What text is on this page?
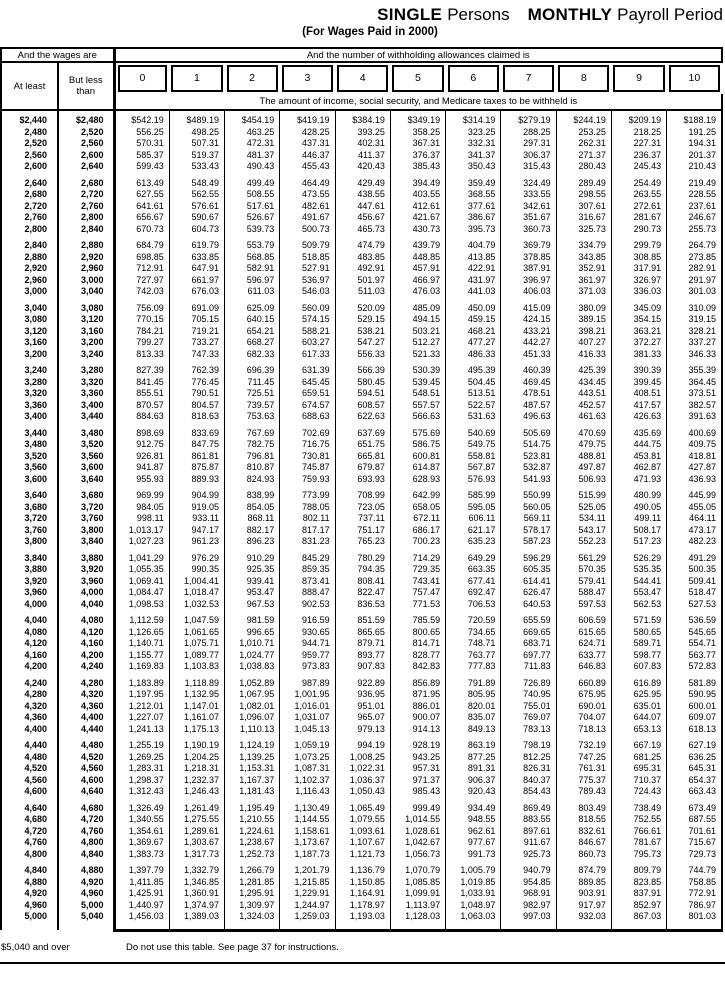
SINGLE Persons MONTHLY Payroll Period
(For Wages Paid in 2000)
And the wages are		And the number of withholding allowances claimed is										
At least	But less
than	0	1	2	3	4	5	6	7	8	9	10

		The amount of income, social security, and Medicare taxes to be withheld is										

$2,440	$2,480	$542.19	$489.19	$454.19	$419.19	$384.19	$349.19	$314.19	$279.19	$244.19	$209.19	$188.19
2,480	2,520	556.25	498.25	463.25	428.25	393.25	358.25	323.25	288.25	253.25	218.25	191.25
2,520	2,560	570.31	507.31	472.31	437.31	402.31	367.31	332.31	297.31	262.31	227.31	194.31
2,560	2,600	585.37	519.37	481.37	446.37	411.37	376.37	341.37	306.37	271.37	236.37	201.37
2,600	2,640	599.43	533.43	490.43	455.43	420.43	385.43	350.43	315.43	280.43	245.43	210.43

2,640	2,680	613.49	548.49	499.49	464.49	429.49	394.49	359.49	324.49	289.49	254.49	219.49
2,680	2,720	627.55	562.55	508.55	473.55	438.55	403.55	368.55	333.55	298.55	263.55	228.55
2,720	2,760	641.61	576.61	517.61	482.61	447.61	412.61	377.61	342.61	307.61	272.61	237.61
2,760	2,800	656.67	590.67	526.67	491.67	456.67	421.67	386.67	351.67	316.67	281.67	246.67
2,800	2,840	670.73	604.73	539.73	500.73	465.73	430.73	395.73	360.73	325.73	290.73	255.73

2,840	2,880	684.79	619.79	553.79	509.79	474.79	439.79	404.79	369.79	334.79	299.79	264.79
2,880	2,920	698.85	633.85	568.85	518.85	483.85	448.85	413.85	378.85	343.85	308.85	273.85
2,920	2,960	712.91	647.91	582.91	527.91	492.91	457.91	422.91	387.91	352.91	317.91	282.91
2,960	3,000	727.97	661.97	596.97	536.97	501.97	466.97	431.97	396.97	361.97	326.97	291.97
3,000	3,040	742.03	676.03	611.03	546.03	511.03	476.03	441.03	406.03	371.03	336.03	301.03

3,040	3,080	756.09	691.09	625.09	560.09	520.09	485.09	450.09	415.09	380.09	345.09	310.09
3,080	3,120	770.15	705.15	640.15	574.15	529.15	494.15	459.15	424.15	389.15	354.15	319.15
3,120	3,160	784.21	719.21	654.21	588.21	538.21	503.21	468.21	433.21	398.21	363.21	328.21
3,160	3,200	799.27	733.27	668.27	603.27	547.27	512.27	477.27	442.27	407.27	372.27	337.27
3,200	3,240	813.33	747.33	682.33	617.33	556.33	521.33	486.33	451.33	416.33	381.33	346.33

3,240	3,280	827.39	762.39	696.39	631.39	566.39	530.39	495.39	460.39	425.39	390.39	355.39
3,280	3,320	841.45	776.45	711.45	645.45	580.45	539.45	504.45	469.45	434.45	399.45	364.45
3,320	3,360	855.51	790.51	725.51	659.51	594.51	548.51	513.51	478.51	443.51	408.51	373.51
3,360	3,400	870.57	804.57	739.57	674.57	608.57	557.57	522.57	487.57	452.57	417.57	382.57
3,400	3,440	884.63	818.63	753.63	688.63	622.63	566.63	531.63	496.63	461.63	426.63	391.63

3,440	3,480	898.69	833.69	767.69	702.69	637.69	575.69	540.69	505.69	470.69	435.69	400.69
3,480	3,520	912.75	847.75	782.75	716.75	651.75	586.75	549.75	514.75	479.75	444.75	409.75
3,520	3,560	926.81	861.81	796.81	730.81	665.81	600.81	558.81	523.81	488.81	453.81	418.81
3,560	3,600	941.87	875.87	810.87	745.87	679.87	614.87	567.87	532.87	497.87	462.87	427.87
3,600	3,640	955.93	889.93	824.93	759.93	693.93	628.93	576.93	541.93	506.93	471.93	436.93

3,640	3,680	969.99	904.99	838.99	773.99	708.99	642.99	585.99	550.99	515.99	480.99	445.99
3,680	3,720	984.05	919.05	854.05	788.05	723.05	658.05	595.05	560.05	525.05	490.05	455.05
3,720	3,760	998.11	933.11	868.11	802.11	737.11	672.11	606.11	569.11	534.11	499.11	464.11
3,760	3,800	1,013.17	947.17	882.17	817.17	751.17	686.17	621.17	578.17	543.17	508.17	473.17
3,800	3,840	1,027.23	961.23	896.23	831.23	765.23	700.23	635.23	587.23	552.23	517.23	482.23

3,840	3,880	1,041.29	976.29	910.29	845.29	780.29	714.29	649.29	596.29	561.29	526.29	491.29
3,880	3,920	1,055.35	990.35	925.35	859.35	794.35	729.35	663.35	605.35	570.35	535.35	500.35
3,920	3,960	1,069.41	1,004.41	939.41	873.41	808.41	743.41	677.41	614.41	579.41	544.41	509.41
3,960	4,000	1,084.47	1,018.47	953.47	888.47	822.47	757.47	692.47	626.47	588.47	553.47	518.47
4,000	4,040	1,098.53	1,032.53	967.53	902.53	836.53	771.53	706.53	640.53	597.53	562.53	527.53

4,040	4,080	1,112.59	1,047.59	981.59	916.59	851.59	785.59	720.59	655.59	606.59	571.59	536.59
4,080	4,120	1,126.65	1,061.65	996.65	930.65	865.65	800.65	734.65	669.65	615.65	580.65	545.65
4,120	4,160	1,140.71	1,075.71	1,010.71	944.71	879.71	814.71	748.71	683.71	624.71	589.71	554.71
4,160	4,200	1,155.77	1,089.77	1,024.77	959.77	893.77	828.77	763.77	697.77	633.77	598.77	563.77
4,200	4,240	1,169.83	1,103.83	1,038.83	973.83	907.83	842.83	777.83	711.83	646.83	607.83	572.83

4,240	4,280	1,183.89	1,118.89	1,052.89	987.89	922.89	856.89	791.89	726.89	660.89	616.89	581.89
4,280	4,320	1,197.95	1,132.95	1,067.95	1,001.95	936.95	871.95	805.95	740.95	675.95	625.95	590.95
4,320	4,360	1,212.01	1,147.01	1,082.01	1,016.01	951.01	886.01	820.01	755.01	690.01	635.01	600.01
4,360	4,400	1,227.07	1,161.07	1,096.07	1,031.07	965.07	900.07	835.07	769.07	704.07	644.07	609.07
4,400	4,440	1,241.13	1,175.13	1,110.13	1,045.13	979.13	914.13	849.13	783.13	718.13	653.13	618.13

4,440	4,480	1,255.19	1,190.19	1,124.19	1,059.19	994.19	928.19	863.19	798.19	732.19	667.19	627.19
4,480	4,520	1,269.25	1,204.25	1,139.25	1,073.25	1,008.25	943.25	877.25	812.25	747.25	681.25	636.25
4,520	4,560	1,283.31	1,218.31	1,153.31	1,087.31	1,022.31	957.31	891.31	826.31	761.31	695.31	645.31
4,560	4,600	1,298.37	1,232.37	1,167.37	1,102.37	1,036.37	971.37	906.37	840.37	775.37	710.37	654.37
4,600	4,640	1,312.43	1,246.43	1,181.43	1,116.43	1,050.43	985.43	920.43	854.43	789.43	724.43	663.43

4,640	4,680	1,326.49	1,261.49	1,195.49	1,130.49	1,065.49	999.49	934.49	869.49	803.49	738.49	673.49
4,680	4,720	1,340.55	1,275.55	1,210.55	1,144.55	1,079.55	1,014.55	948.55	883.55	818.55	752.55	687.55
4,720	4,760	1,354.61	1,289.61	1,224.61	1,158.61	1,093.61	1,028.61	962.61	897.61	832.61	766.61	701.61
4,760	4,800	1,369.67	1,303.67	1,238.67	1,173.67	1,107.67	1,042.67	977.67	911.67	846.67	781.67	715.67
4,800	4,840	1,383.73	1,317.73	1,252.73	1,187.73	1,121.73	1,056.73	991.73	925.73	860.73	795.73	729.73

4,840	4,880	1,397.79	1,332.79	1,266.79	1,201.79	1,136.79	1,070.79	1,005.79	940.79	874.79	809.79	744.79
4,880	4,920	1,411.85	1,346.85	1,281.85	1,215.85	1,150.85	1,085.85	1,019.85	954.85	889.85	823.85	758.85
4,920	4,960	1,425.91	1,360.91	1,295.91	1,229.91	1,164.91	1,099.91	1,033.91	968.91	903.91	837.91	772.91
4,960	5,000	1,440.97	1,374.97	1,309.97	1,244.97	1,178.97	1,113.97	1,048.97	982.97	917.97	852.97	786.97
5,000	5,040	1,456.03	1,389.03	1,324.03	1,259.03	1,193.03	1,128.03	1,063.03	997.03	932.03	867.03	801.03

$5,040 and over	Do not use this table. See page 37 for instructions.
